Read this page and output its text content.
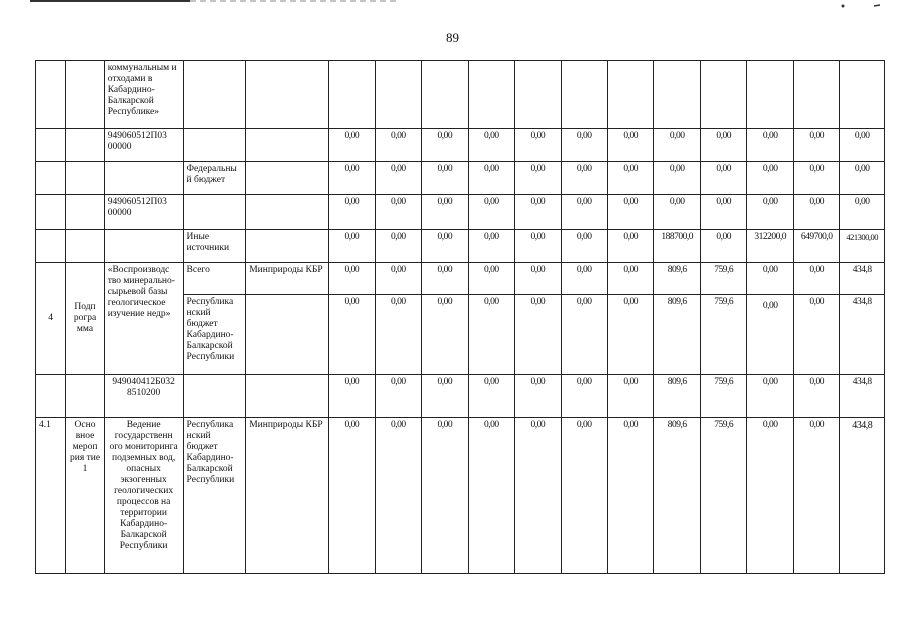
89
		коммунальным и отходами в Кабардино-Балкарской Республике»														
		949060512П03 00000			0,00	0,00	0,00	0,00	0,00	0,00	0,00	0,00	0,00	0,00	0,00	0,00
			Федеральны й бюджет		0,00	0,00	0,00	0,00	0,00	0,00	0,00	0,00	0,00	0,00	0,00	0,00
		949060512П03 00000			0,00	0,00	0,00	0,00	0,00	0,00	0,00	0,00	0,00	0,00	0,00	0,00
			Иные источники		0,00	0,00	0,00	0,00	0,00	0,00	0,00	188700,0	0,00	312200,0	649700,0	421300,00
4	Подп рогра мма	«Воспроизводс тво минерально-сырьевой базы геологическое изучение недр»	Всего	Минприроды КБР	0,00	0,00	0,00	0,00	0,00	0,00	0,00	809,6	759,6	0,00	0,00	434,8
			Республика нский бюджет Кабардино-Балкарской Республики		0,00	0,00	0,00	0,00	0,00	0,00	0,00	809,6	759,6	0,00	0,00	434,8
		949040412Б032 8510200			0,00	0,00	0,00	0,00	0,00	0,00	0,00	809,6	759,6	0,00	0,00	434,8
4.1	Осно вное мероп рия тие 1	Ведение государственн ого мониторинга подземных вод, опасных экзогенных геологических процессов на территории Кабардино-Балкарской Республики	Республика нский бюджет Кабардино-Балкарской Республики	Минприроды КБР	0,00	0,00	0,00	0,00	0,00	0,00	0,00	809,6	759,6	0,00	0,00	434,8
